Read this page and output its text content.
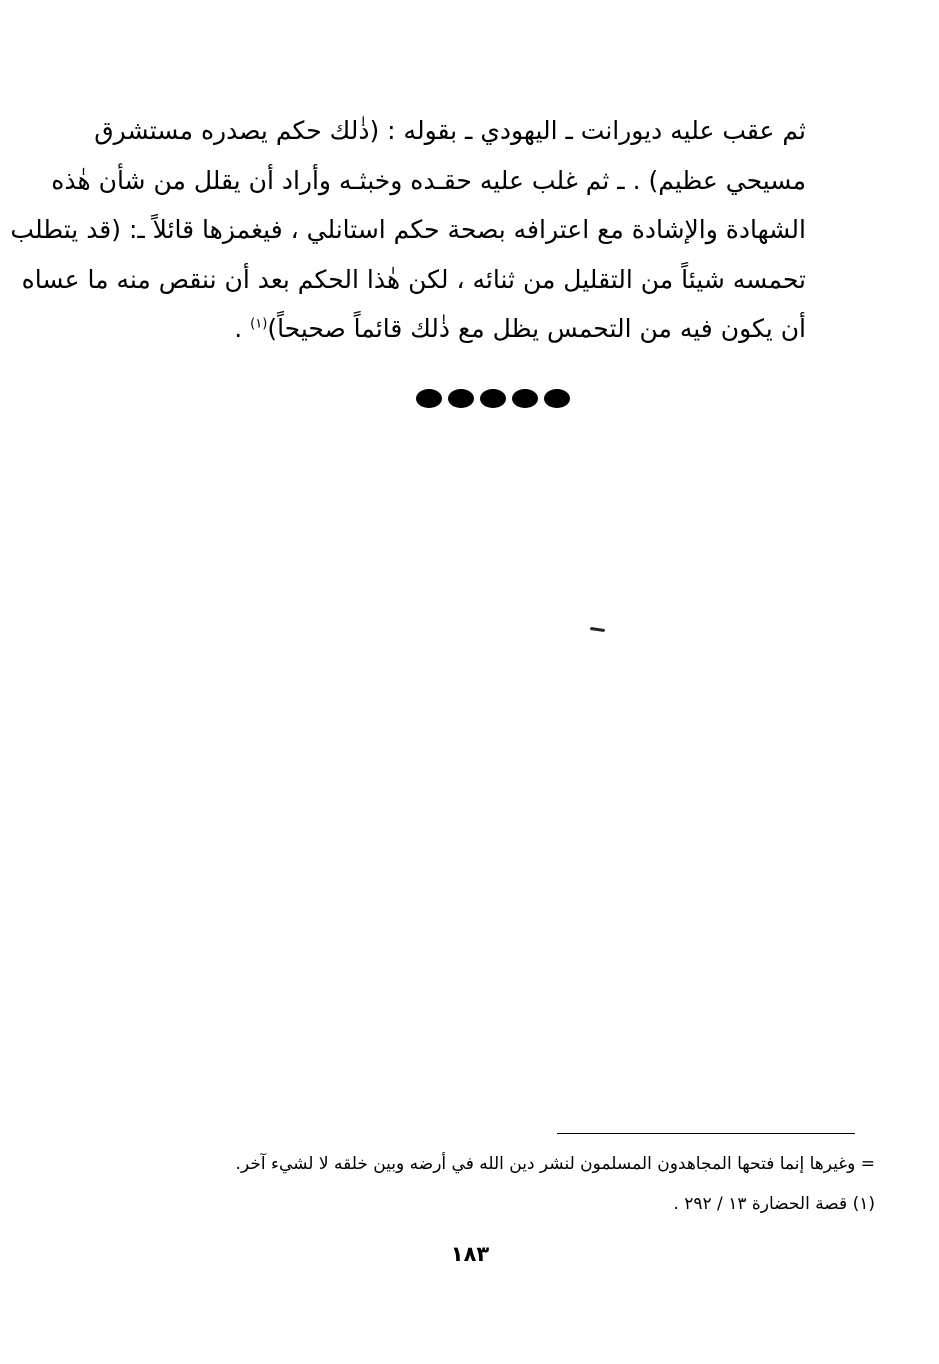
ثم عقب عليه ديورانت ـ اليهودي ـ بقوله : (ذٰلك حكم يصدره مستشرق
مسيحي عظيم) . ـ ثم غلب عليه حقـده وخبثـه وأراد أن يقلل من شأن هٰذه
الشهادة والإشادة مع اعترافه بصحة حكم استانلي ، فيغمزها قائلاً ـ: (قد يتطلب
تحمسه شيئاً من التقليل من ثنائه ، لكن هٰذا الحكم بعد أن ننقص منه ما عساه
أن يكون فيه من التحمس يظل مع ذٰلك قائماً صحيحاً)$^{(١)}$ .
= وغيرها إنما فتحها المجاهدون المسلمون لنشر دين الله في أرضه وبين خلقه لا لشيء آخر.
(١) قصة الحضارة ١٣ / ٢٩٢ .
١٨٣
